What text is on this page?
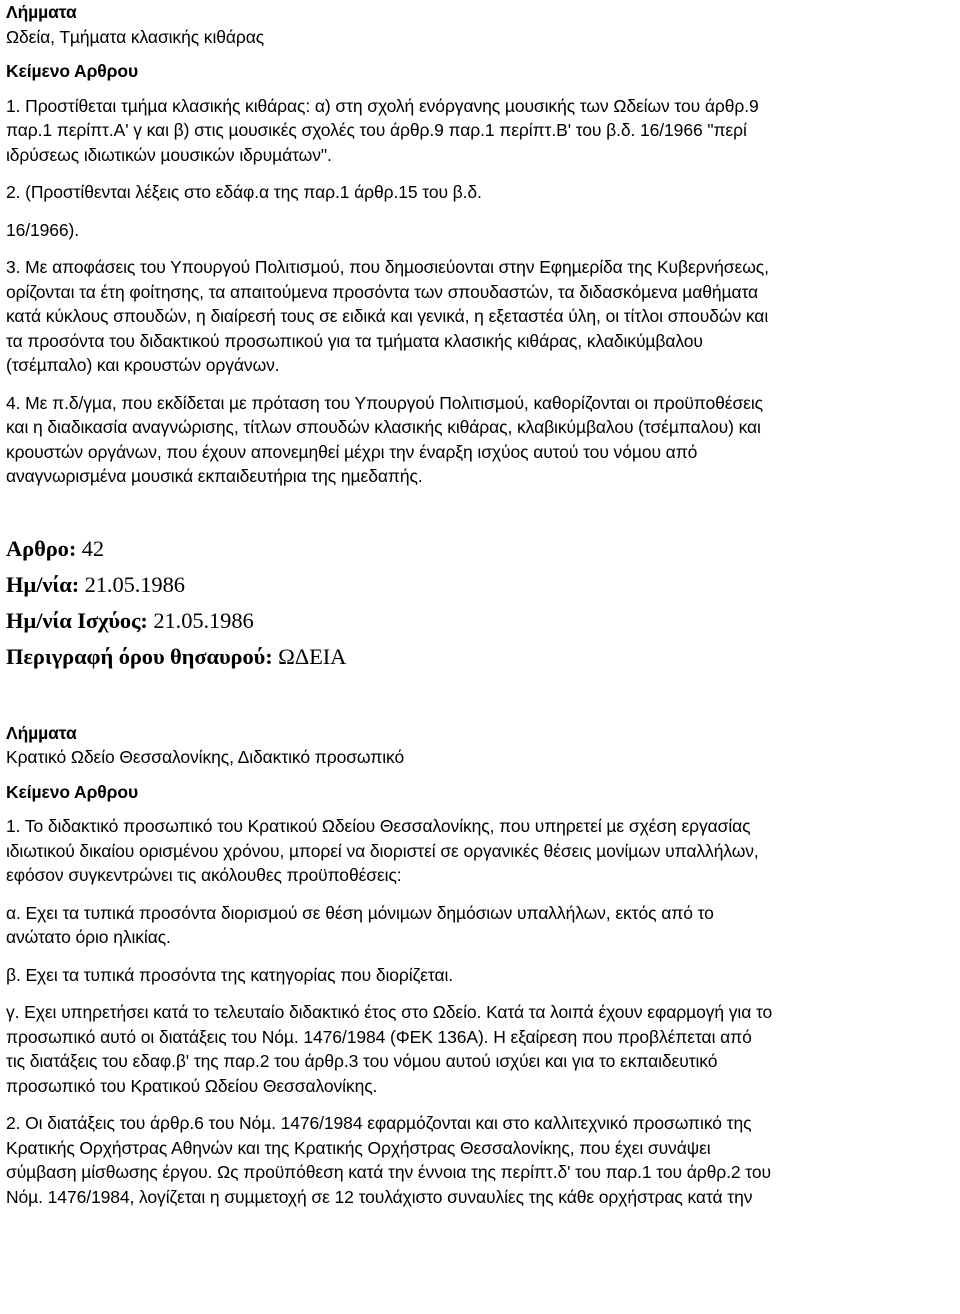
Λήµµατα

Ωδεία, Τµήµατα κλασικής κιθάρας

Κείµενο Αρθρου

1. Προστίθεται τµήµα κλασικής κιθάρας: α) στη σχολή ενόργανης µουσικής των Ωδείων του άρθρ.9

παρ.1 περίπτ.Α' γ και β) στις µουσικές σχολές του άρθρ.9 παρ.1 περίπτ.Β' του β.δ. 16/1966 "περί

ιδρύσεως ιδιωτικών µουσικών ιδρυµάτων".

2. (Προστίθενται λέξεις στο εδάφ.α της παρ.1 άρθρ.15 του β.δ.

16/1966).

3. Με αποφάσεις του Υπουργού Πολιτισµού, που δηµοσιεύονται στην Εφηµερίδα της Κυβερνήσεως,

ορίζονται τα έτη φοίτησης, τα απαιτούµενα προσόντα των σπουδαστών, τα διδασκόµενα µαθήµατα

κατά κύκλους σπουδών, η διαίρεσή τους σε ειδικά και γενικά, η εξεταστέα ύλη, οι τίτλοι σπουδών και

τα προσόντα του διδακτικού προσωπικού για τα τµήµατα κλασικής κιθάρας, κλαδικύµβαλου

(τσέµπαλο) και κρουστών οργάνων.

4. Με π.δ/γµα, που εκδίδεται µε πρόταση του Υπουργού Πολιτισµού, καθορίζονται οι προϋποθέσεις

και η διαδικασία αναγνώρισης, τίτλων σπουδών κλασικής κιθάρας, κλαβικύµβαλου (τσέµπαλου) και

κρουστών οργάνων, που έχουν απονεµηθεί µέχρι την έναρξη ισχύος αυτού του νόµου από

αναγνωρισµένα µουσικά εκπαιδευτήρια της ηµεδαπής.

Αρθρο: 42
Ηµ/νία: 21.05.1986
Ηµ/νία Ισχύος: 21.05.1986
Περιγραφή όρου θησαυρού: ΩΔΕΙΑ

Λήµµατα

Κρατικό Ωδείο Θεσσαλονίκης, Διδακτικό προσωπικό

Κείµενο Αρθρου

1. Το διδακτικό προσωπικό του Κρατικού Ωδείου Θεσσαλονίκης, που υπηρετεί µε σχέση εργασίας

ιδιωτικού δικαίου ορισµένου χρόνου, µπορεί να διοριστεί σε οργανικές θέσεις µονίµων υπαλλήλων,

εφόσον συγκεντρώνει τις ακόλουθες προϋποθέσεις:

α. Εχει τα τυπικά προσόντα διορισµού σε θέση µόνιµων δηµόσιων υπαλλήλων, εκτός από το

ανώτατο όριο ηλικίας.

β. Εχει τα τυπικά προσόντα της κατηγορίας που διορίζεται.

γ. Εχει υπηρετήσει κατά το τελευταίο διδακτικό έτος στο Ωδείο. Κατά τα λοιπά έχουν εφαρµογή για το

προσωπικό αυτό οι διατάξεις του Νόµ. 1476/1984 (ΦΕΚ 136Α). Η εξαίρεση που προβλέπεται από

τις διατάξεις του εδαφ.β' της παρ.2 του άρθρ.3 του νόµου αυτού ισχύει και για το εκπαιδευτικό

προσωπικό του Κρατικού Ωδείου Θεσσαλονίκης.

2. Οι διατάξεις του άρθρ.6 του Νόµ. 1476/1984 εφαρµόζονται και στο καλλιτεχνικό προσωπικό της

Κρατικής Ορχήστρας Αθηνών και της Κρατικής Ορχήστρας Θεσσαλονίκης, που έχει συνάψει

σύµβαση µίσθωσης έργου. Ως προϋπόθεση κατά την έννοια της περίπτ.δ' του παρ.1 του άρθρ.2 του

Νόµ. 1476/1984, λογίζεται η συµµετοχή σε 12 τουλάχιστο συναυλίες της κάθε ορχήστρας κατά την
